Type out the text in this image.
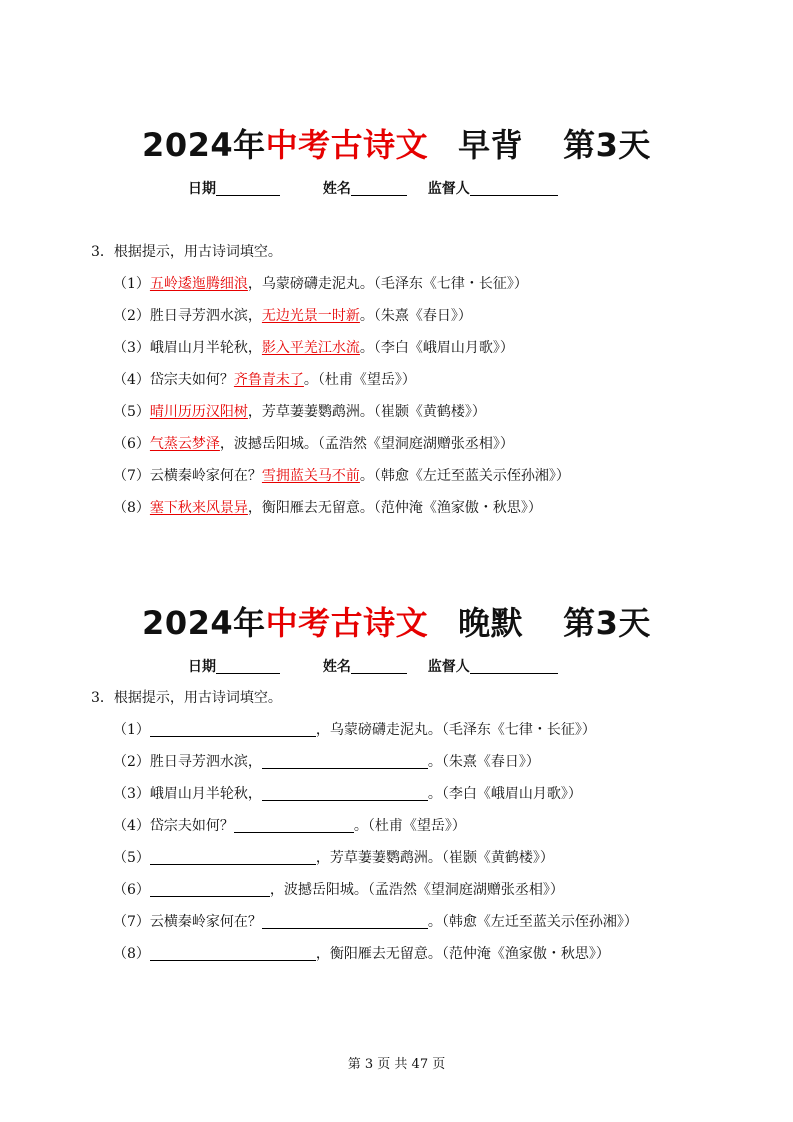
2024年中考古诗文 早背 第3天
日期	姓名	监督人
3．根据提示，用古诗词填空。
（1）五岭逶迤腾细浪，乌蒙磅礴走泥丸。（毛泽东《七律・长征》）
（2）胜日寻芳泗水滨，无边光景一时新。（朱熹《春日》）
（3）峨眉山月半轮秋，影入平羌江水流。（李白《峨眉山月歌》）
（4）岱宗夫如何？齐鲁青未了。（杜甫《望岳》）
（5）晴川历历汉阳树，芳草萋萋鹦鹉洲。（崔颢《黄鹤楼》）
（6）气蒸云梦泽，波撼岳阳城。（孟浩然《望洞庭湖赠张丞相》）
（7）云横秦岭家何在？雪拥蓝关马不前。（韩愈《左迁至蓝关示侄孙湘》）
（8）塞下秋来风景异，衡阳雁去无留意。（范仲淹《渔家傲・秋思》）
2024年中考古诗文 晚默 第3天
日期	姓名	监督人
3．根据提示，用古诗词填空。
（1）	，乌蒙磅礴走泥丸。（毛泽东《七律・长征》）
（2）胜日寻芳泗水滨，	。（朱熹《春日》）
（3）峨眉山月半轮秋，	。（李白《峨眉山月歌》）
（4）岱宗夫如何？	。（杜甫《望岳》）
（5）	，芳草萋萋鹦鹉洲。（崔颢《黄鹤楼》）
（6）	，波撼岳阳城。（孟浩然《望洞庭湖赠张丞相》）
（7）云横秦岭家何在？	。（韩愈《左迁至蓝关示侄孙湘》）
（8）	，衡阳雁去无留意。（范仲淹《渔家傲・秋思》）
第 3 页 共 47 页
